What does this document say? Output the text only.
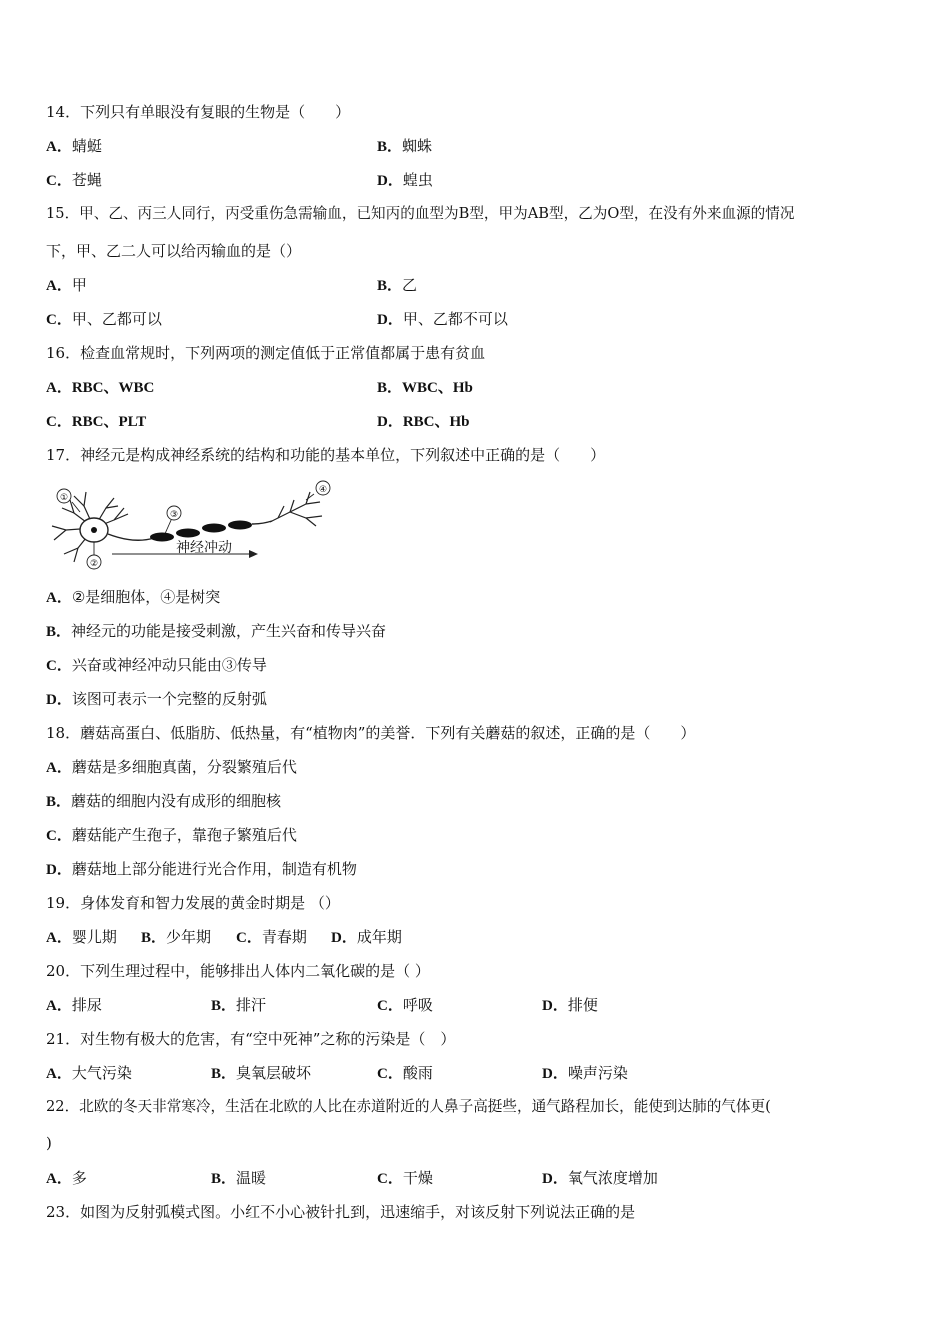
14．下列只有单眼没有复眼的生物是（　　）
A．蜻蜓	B．蜘蛛
C．苍蝇	D．蝗虫
15．甲、乙、丙三人同行，丙受重伤急需输血，已知丙的血型为B型，甲为AB型，乙为O型，在没有外来血源的情况
下，甲、乙二人可以给丙输血的是（）
A．甲	B．乙
C．甲、乙都可以	D．甲、乙都不可以
16．检查血常规时，下列两项的测定值低于正常值都属于患有贫血
A．RBC、WBC	B．WBC、Hb
C．RBC、PLT	D．RBC、Hb
17．神经元是构成神经系统的结构和功能的基本单位，下列叙述中正确的是（　　）
①
②
③
④
神经冲动
A．②是细胞体，④是树突
B．神经元的功能是接受刺激，产生兴奋和传导兴奋
C．兴奋或神经冲动只能由③传导
D．该图可表示一个完整的反射弧
18．蘑菇高蛋白、低脂肪、低热量，有“植物肉”的美誉．下列有关蘑菇的叙述，正确的是（　　）
A．蘑菇是多细胞真菌，分裂繁殖后代
B．蘑菇的细胞内没有成形的细胞核
C．蘑菇能产生孢子，靠孢子繁殖后代
D．蘑菇地上部分能进行光合作用，制造有机物
19．身体发育和智力发展的黄金时期是 （）
A．婴儿期 B．少年期 C．青春期 D．成年期
20．下列生理过程中，能够排出人体内二氧化碳的是（ ）
A．排尿	B．排汗	C．呼吸	D．排便
21．对生物有极大的危害，有“空中死神”之称的污染是（　）
A．大气污染	B．臭氧层破坏	C．酸雨	D．噪声污染
22．北欧的冬天非常寒冷，生活在北欧的人比在赤道附近的人鼻子高挺些，通气路程加长，能使到达肺的气体更(
)
A．多	B．温暖	C．干燥	D．氧气浓度增加
23．如图为反射弧模式图。小红不小心被针扎到，迅速缩手，对该反射下列说法正确的是
